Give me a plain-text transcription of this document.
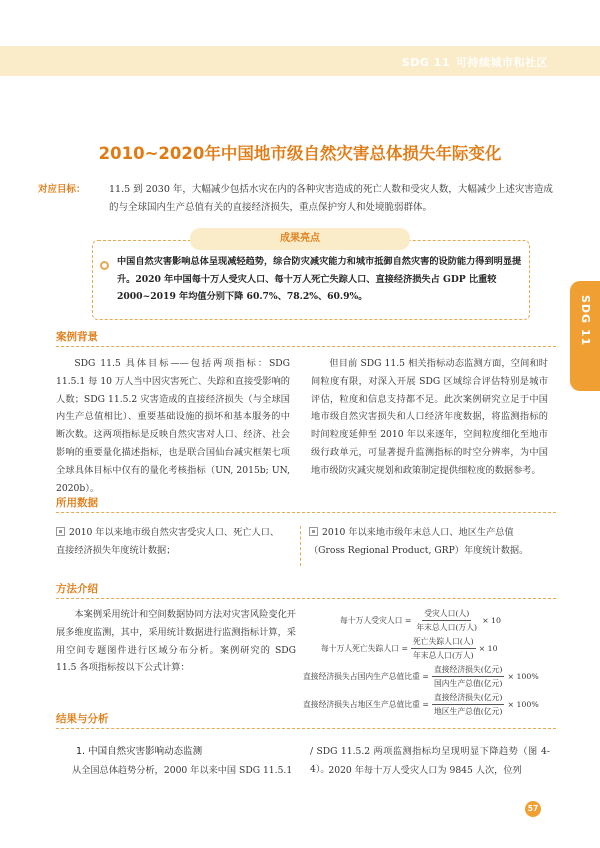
SDG 11 可持续城市和社区
2010~2020年中国地市级自然灾害总体损失年际变化
对应目标： 11.5 到 2030 年，大幅减少包括水灾在内的各种灾害造成的死亡人数和受灾人数，大幅减少上述灾害造成的与全球国内生产总值有关的直接经济损失，重点保护穷人和处境脆弱群体。
成果亮点
中国自然灾害影响总体呈现减轻趋势，综合防灾减灾能力和城市抵御自然灾害的设防能力得到明显提升。2020 年中国每十万人受灾人口、每十万人死亡失踪人口、直接经济损失占 GDP 比重较 2000~2019 年均值分别下降 60.7%、78.2%、60.9%。
案例背景
SDG 11.5 具体目标——包括两项指标：SDG 11.5.1 每 10 万人当中因灾害死亡、失踪和直接受影响的人数；SDG 11.5.2 灾害造成的直接经济损失（与全球国内生产总值相比）、重要基础设施的损坏和基本服务的中断次数。这两项指标是反映自然灾害对人口、经济、社会影响的重要量化描述指标，也是联合国仙台减灾框架七项全球具体目标中仅有的量化考核指标（UN, 2015b; UN, 2020b）。
但目前 SDG 11.5 相关指标动态监测方面，空间和时间粒度有限，对深入开展 SDG 区域综合评估特别是城市评估，粒度和信息支持都不足。此次案例研究立足于中国地市级自然灾害损失和人口经济年度数据，将监测指标的时间粒度延伸至 2010 年以来逐年，空间粒度细化至地市级行政单元，可显著提升监测指标的时空分辨率，为中国地市级防灾减灾规划和政策制定提供细粒度的数据参考。
所用数据
2010 年以来地市级自然灾害受灾人口、死亡人口、直接经济损失年度统计数据；
2010 年以来地市级年末总人口、地区生产总值（Gross Regional Product, GRP）年度统计数据。
方法介绍
本案例采用统计和空间数据协同方法对灾害风险变化开展多维度监测，其中，采用统计数据进行监测指标计算，采用空间专题图件进行区域分布分析。案例研究的 SDG 11.5 各项指标按以下公式计算：
每十万人受灾人口 = $\frac{\text{受灾人口(人)}}{\text{年末总人口(万人)}} \times 10$
每十万人死亡失踪人口 = $\frac{\text{死亡失踪人口(人)}}{\text{年末总人口(万人)}} \times 10$
直接经济损失占国内生产总值比重 = $\frac{\text{直接经济损失(亿元)}}{\text{国内生产总值(亿元)}} \times 100\%$
直接经济损失占地区生产总值比重 = $\frac{\text{直接经济损失(亿元)}}{\text{地区生产总值(亿元)}} \times 100\%$
结果与分析
1. 中国自然灾害影响动态监测
从全国总体趋势分析，2000 年以来中国 SDG 11.5.1
/ SDG 11.5.2 两项监测指标均呈现明显下降趋势（图 4-4）。
2020 年每十万人受灾人口为 9845 人次，位列
SDG 11
57
